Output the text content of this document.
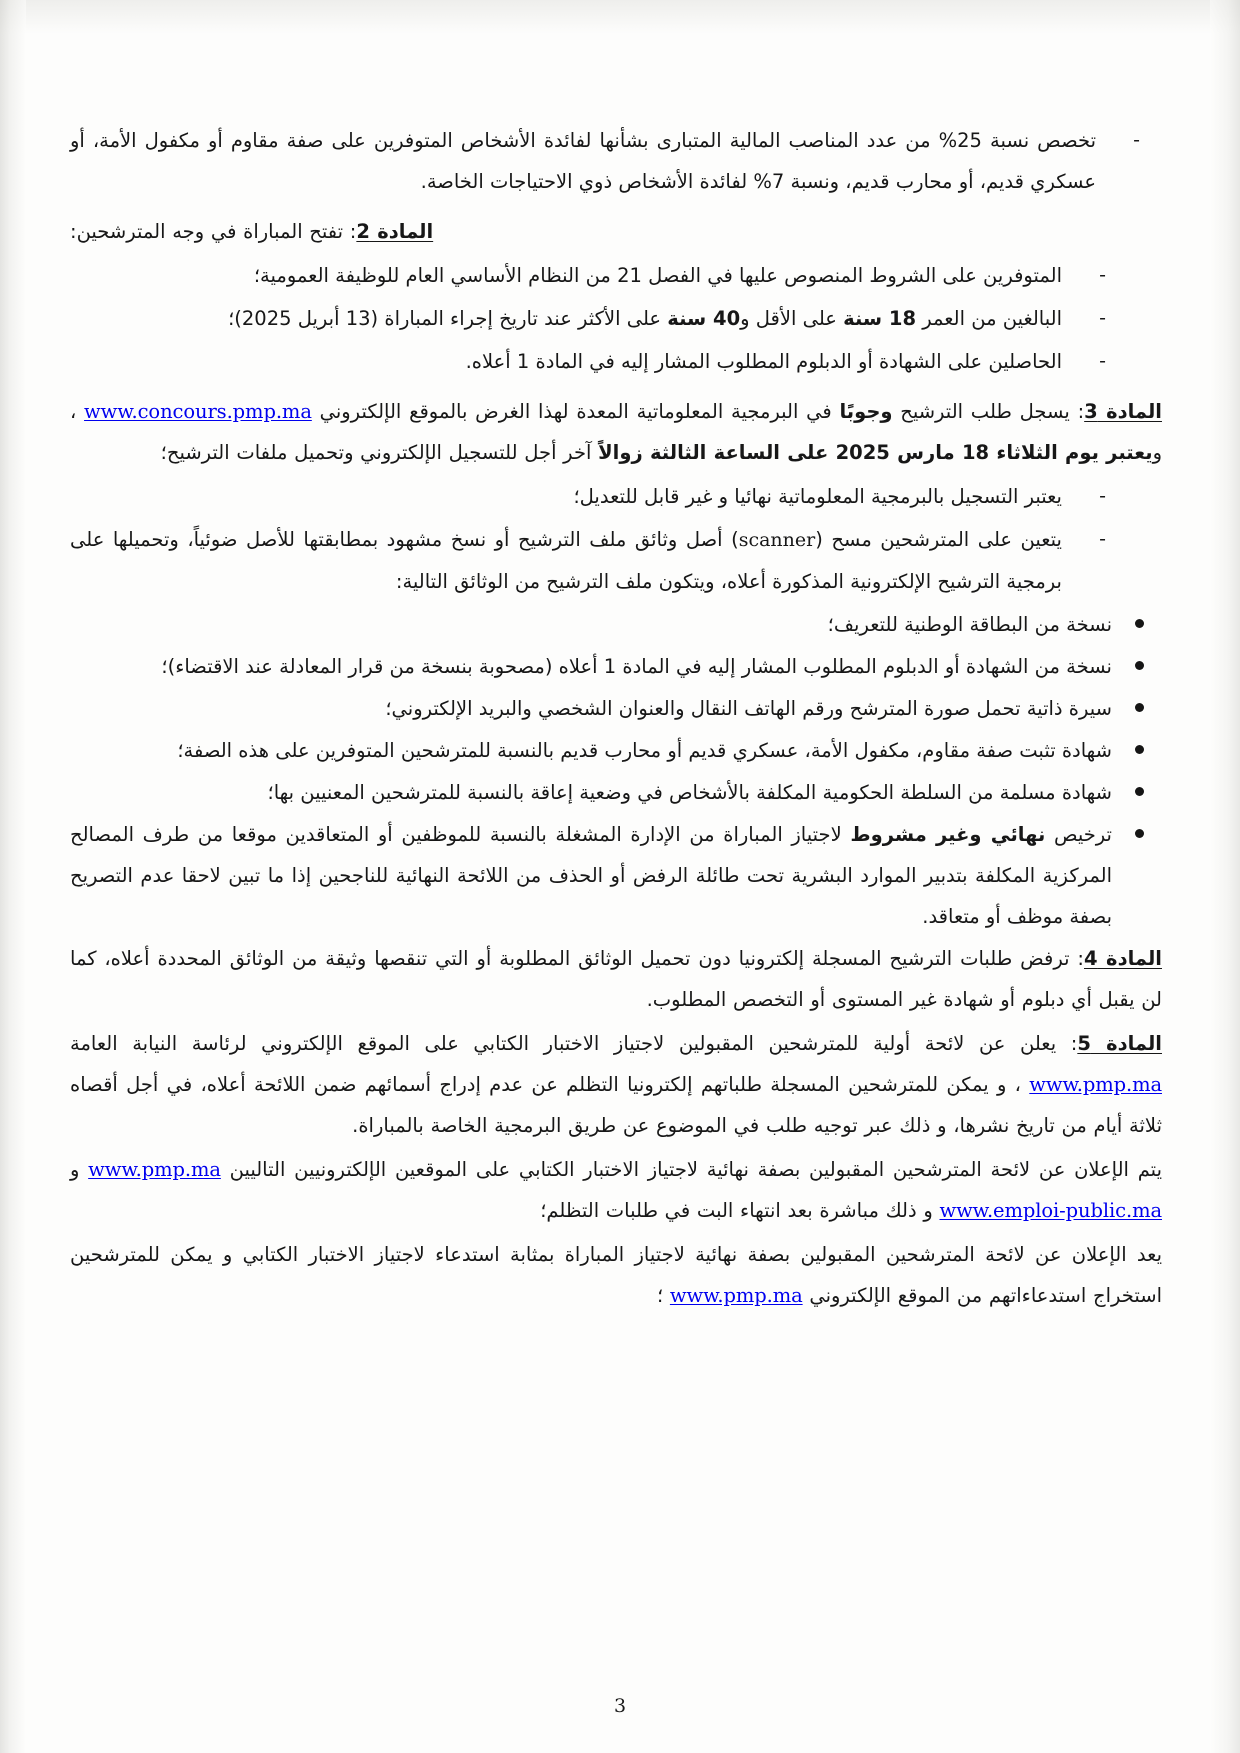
-
تخصص نسبة 25% من عدد المناصب المالية المتبارى بشأنها لفائدة الأشخاص المتوفرين على صفة مقاوم أو مكفول الأمة، أو عسكري قديم، أو محارب قديم، ونسبة 7% لفائدة الأشخاص ذوي الاحتياجات الخاصة.

المادة 2: تفتح المباراة في وجه المترشحين:

-
المتوفرين على الشروط المنصوص عليها في الفصل 21 من النظام الأساسي العام للوظيفة العمومية؛
-
البالغين من العمر 18 سنة على الأقل و40 سنة على الأكثر عند تاريخ إجراء المباراة (13 أبريل 2025)؛
-
الحاصلين على الشهادة أو الدبلوم المطلوب المشار إليه في المادة 1 أعلاه.

المادة 3: يسجل طلب الترشيح وجوبًا في البرمجية المعلوماتية المعدة لهذا الغرض بالموقع الإلكتروني www.concours.pmp.ma ، ويعتبر يوم الثلاثاء 18 مارس 2025 على الساعة الثالثة زوالاً آخر أجل للتسجيل الإلكتروني وتحميل ملفات الترشيح؛

-
يعتبر التسجيل بالبرمجية المعلوماتية نهائيا و غير قابل للتعديل؛
-
يتعين على المترشحين مسح (scanner) أصل وثائق ملف الترشيح أو نسخ مشهود بمطابقتها للأصل ضوئياً، وتحميلها على برمجية الترشيح الإلكترونية المذكورة أعلاه، ويتكون ملف الترشيح من الوثائق التالية:
نسخة من البطاقة الوطنية للتعريف؛
نسخة من الشهادة أو الدبلوم المطلوب المشار إليه في المادة 1 أعلاه (مصحوبة بنسخة من قرار المعادلة عند الاقتضاء)؛
سيرة ذاتية تحمل صورة المترشح ورقم الهاتف النقال والعنوان الشخصي والبريد الإلكتروني؛
شهادة تثبت صفة مقاوم، مكفول الأمة، عسكري قديم أو محارب قديم بالنسبة للمترشحين المتوفرين على هذه الصفة؛
شهادة مسلمة من السلطة الحكومية المكلفة بالأشخاص في وضعية إعاقة بالنسبة للمترشحين المعنيين بها؛
ترخيص نهائي وغير مشروط لاجتياز المباراة من الإدارة المشغلة بالنسبة للموظفين أو المتعاقدين موقعا من طرف المصالح المركزية المكلفة بتدبير الموارد البشرية تحت طائلة الرفض أو الحذف من اللائحة النهائية للناجحين إذا ما تبين لاحقا عدم التصريح بصفة موظف أو متعاقد.

المادة 4: ترفض طلبات الترشيح المسجلة إلكترونيا دون تحميل الوثائق المطلوبة أو التي تنقصها وثيقة من الوثائق المحددة أعلاه، كما لن يقبل أي دبلوم أو شهادة غير المستوى أو التخصص المطلوب.

المادة 5: يعلن عن لائحة أولية للمترشحين المقبولين لاجتياز الاختبار الكتابي على الموقع الإلكتروني لرئاسة النيابة العامة www.pmp.ma ، و يمكن للمترشحين المسجلة طلباتهم إلكترونيا التظلم عن عدم إدراج أسمائهم ضمن اللائحة أعلاه، في أجل أقصاه ثلاثة أيام من تاريخ نشرها، و ذلك عبر توجيه طلب في الموضوع عن طريق البرمجية الخاصة بالمباراة.

يتم الإعلان عن لائحة المترشحين المقبولين بصفة نهائية لاجتياز الاختبار الكتابي على الموقعين الإلكترونيين التاليين www.pmp.ma و www.emploi-public.ma و ذلك مباشرة بعد انتهاء البت في طلبات التظلم؛

يعد الإعلان عن لائحة المترشحين المقبولين بصفة نهائية لاجتياز المباراة بمثابة استدعاء لاجتياز الاختبار الكتابي و يمكن للمترشحين استخراج استدعاءاتهم من الموقع الإلكتروني www.pmp.ma ؛

3
